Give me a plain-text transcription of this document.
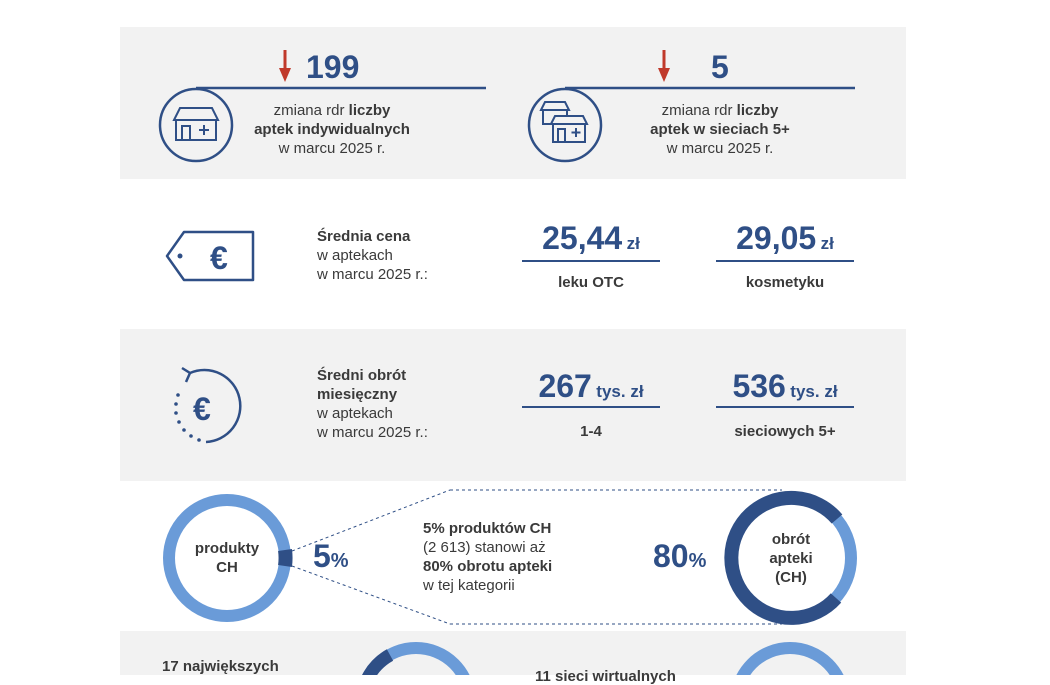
199
zmiana rdr liczby
aptek indywidualnych
w marcu 2025 r.
5
zmiana rdr liczby
aptek w sieciach 5+
w marcu 2025 r.
€
Średnia cena
w aptekach
w marcu 2025 r.:
25,44 zł
leku OTC
29,05 zł
kosmetyku
€
Średni obrót
miesięczny
w aptekach
w marcu 2025 r.:
267 tys. zł
1-4
536 tys. zł
sieciowych 5+
produkty
CH	5%
5% produktów CH
(2 613) stanowi aż
80% obrotu apteki
w tej kategorii
80%
obrót
apteki
(CH)
17 największych
11 sieci wirtualnych
